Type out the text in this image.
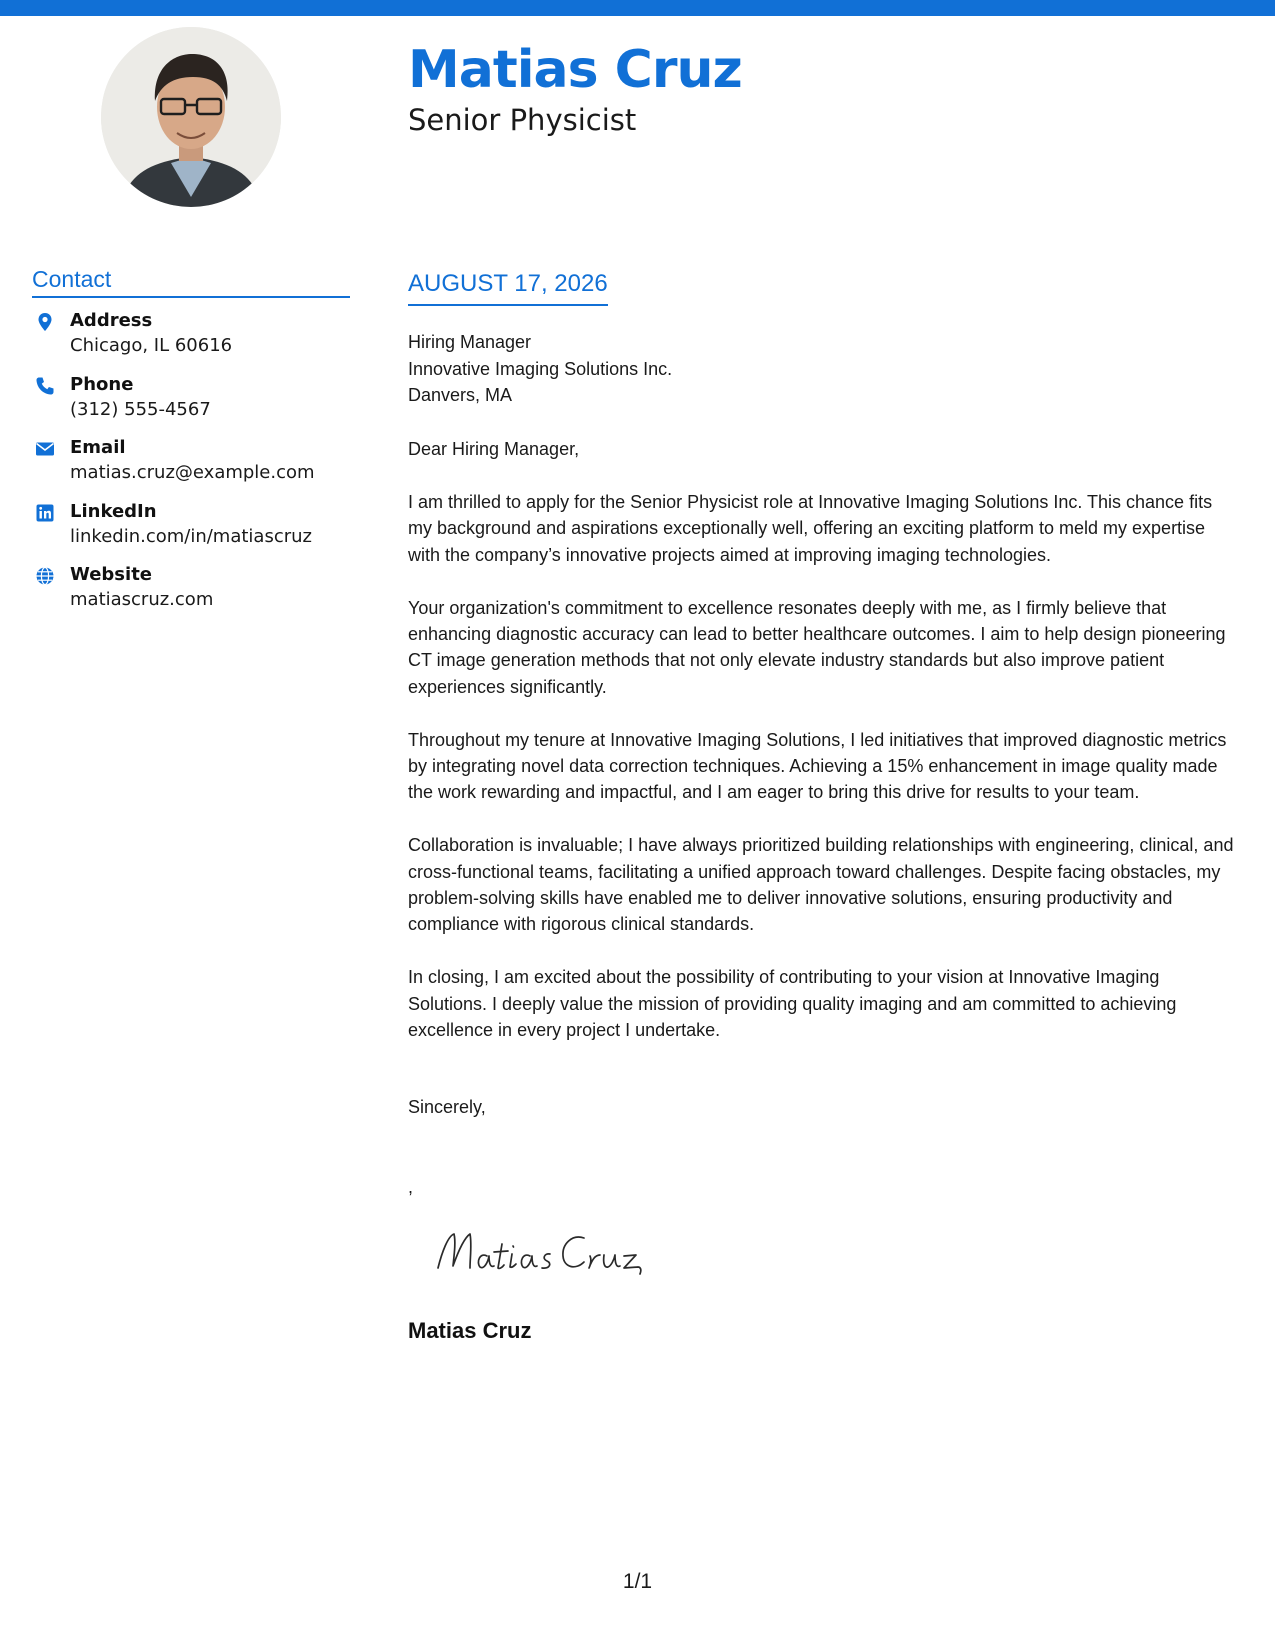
Matias Cruz
Senior Physicist
Contact
Address
Chicago, IL 60616
Phone
(312) 555-4567
Email
matias.cruz@example.com
LinkedIn
linkedin.com/in/matiascruz
Website
matiascruz.com
AUGUST 17, 2026
Hiring Manager
Innovative Imaging Solutions Inc.
Danvers, MA
Dear Hiring Manager,

I am thrilled to apply for the Senior Physicist role at Innovative Imaging Solutions Inc. This chance fits my background and aspirations exceptionally well, offering an exciting platform to meld my expertise with the company’s innovative projects aimed at improving imaging technologies.

Your organization's commitment to excellence resonates deeply with me, as I firmly believe that enhancing diagnostic accuracy can lead to better healthcare outcomes. I aim to help design pioneering CT image generation methods that not only elevate industry standards but also improve patient experiences significantly.

Throughout my tenure at Innovative Imaging Solutions, I led initiatives that improved diagnostic metrics by integrating novel data correction techniques. Achieving a 15% enhancement in image quality made the work rewarding and impactful, and I am eager to bring this drive for results to your team.

Collaboration is invaluable; I have always prioritized building relationships with engineering, clinical, and cross-functional teams, facilitating a unified approach toward challenges. Despite facing obstacles, my problem-solving skills have enabled me to deliver innovative solutions, ensuring productivity and compliance with rigorous clinical standards.

In closing, I am excited about the possibility of contributing to your vision at Innovative Imaging Solutions. I deeply value the mission of providing quality imaging and am committed to achieving excellence in every project I undertake.

Sincerely,
,
Matias Cruz
1/1
